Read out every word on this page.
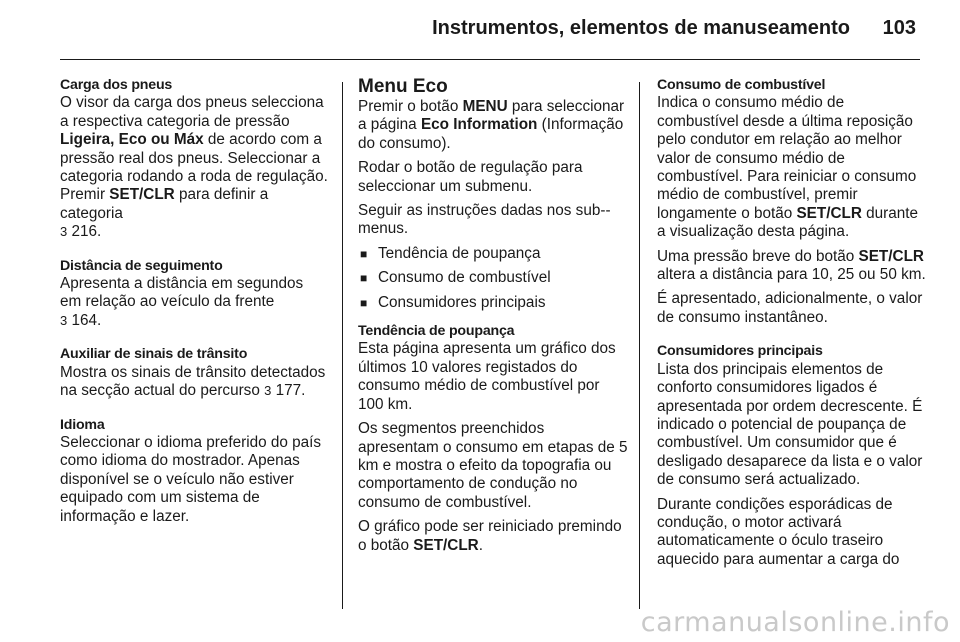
Instrumentos, elementos de manuseamento 103
Carga dos pneus

O visor da carga dos pneus selecciona a respectiva categoria de pressão Ligeira, Eco ou Máx de acordo com a pressão real dos pneus. Seleccionar a categoria rodando a roda de regulação. Premir SET/CLR para definir a categoria
3 216.

Distância de seguimento

Apresenta a distância em segundos em relação ao veículo da frente
3 164.

Auxiliar de sinais de trânsito

Mostra os sinais de trânsito detectados na secção actual do percurso 3 177.

Idioma

Seleccionar o idioma preferido do país como idioma do mostrador. Apenas disponível se o veículo não estiver equipado com um sistema de informação e lazer.

Menu Eco

Premir o botão MENU para seleccionar a página Eco Information (Informação do consumo).

Rodar o botão de regulação para seleccionar um submenu.

Seguir as instruções dadas nos sub--menus.

■ Tendência de poupança
■ Consumo de combustível
■ Consumidores principais
Tendência de poupança

Esta página apresenta um gráfico dos últimos 10 valores registados do consumo médio de combustível por 100 km.

Os segmentos preenchidos apresentam o consumo em etapas de 5 km e mostra o efeito da topografia ou comportamento de condução no consumo de combustível.

O gráfico pode ser reiniciado premindo o botão SET/CLR.

Consumo de combustível

Indica o consumo médio de combustível desde a última reposição pelo condutor em relação ao melhor valor de consumo médio de combustível. Para reiniciar o consumo médio de combustível, premir longamente o botão SET/CLR durante a visualização desta página.

Uma pressão breve do botão SET/CLR altera a distância para 10, 25 ou 50 km.

É apresentado, adicionalmente, o valor de consumo instantâneo.

Consumidores principais

Lista dos principais elementos de conforto consumidores ligados é apresentada por ordem decrescente. É indicado o potencial de poupança de combustível. Um consumidor que é desligado desaparece da lista e o valor de consumo será actualizado.

Durante condições esporádicas de condução, o motor activará automaticamente o óculo traseiro aquecido para aumentar a carga do

carmanualsonline.info
